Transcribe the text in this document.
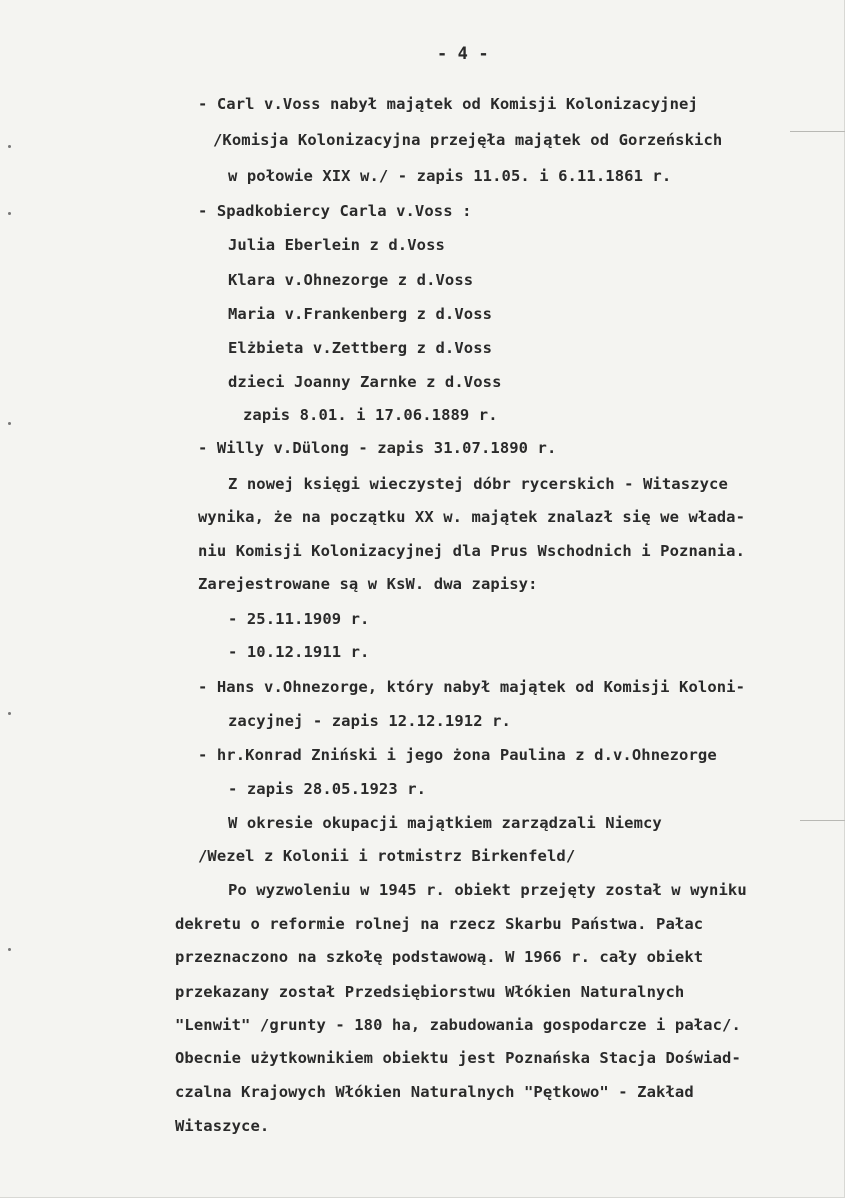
- 4 -
- Carl v.Voss nabył majątek od Komisji Kolonizacyjnej
/Komisja Kolonizacyjna przejęła majątek od Gorzeńskich
w połowie XIX w./ - zapis 11.05. i 6.11.1861 r.
- Spadkobiercy Carla v.Voss :
Julia Eberlein z d.Voss
Klara v.Ohnezorge z d.Voss
Maria v.Frankenberg z d.Voss
Elżbieta v.Zettberg z d.Voss
dzieci Joanny Zarnke z d.Voss
zapis 8.01. i 17.06.1889 r.
- Willy v.Dülong - zapis 31.07.1890 r.
Z nowej księgi wieczystej dóbr rycerskich - Witaszyce
wynika, że na początku XX w. majątek znalazł się we włada-
niu Komisji Kolonizacyjnej dla Prus Wschodnich i Poznania.
Zarejestrowane są w KsW. dwa zapisy:
- 25.11.1909 r.
- 10.12.1911 r.
- Hans v.Ohnezorge, który nabył majątek od Komisji Koloni-
zacyjnej - zapis 12.12.1912 r.
- hr.Konrad Zniński i jego żona Paulina z d.v.Ohnezorge
- zapis 28.05.1923 r.
W okresie okupacji majątkiem zarządzali Niemcy
/Wezel z Kolonii i rotmistrz Birkenfeld/
Po wyzwoleniu w 1945 r. obiekt przejęty został w wyniku
dekretu o reformie rolnej na rzecz Skarbu Państwa. Pałac
przeznaczono na szkołę podstawową. W 1966 r. cały obiekt
przekazany został Przedsiębiorstwu Włókien Naturalnych
"Lenwit" /grunty - 180 ha, zabudowania gospodarcze i pałac/.
Obecnie użytkownikiem obiektu jest Poznańska Stacja Doświad-
czalna Krajowych Włókien Naturalnych "Pętkowo" - Zakład
Witaszyce.
